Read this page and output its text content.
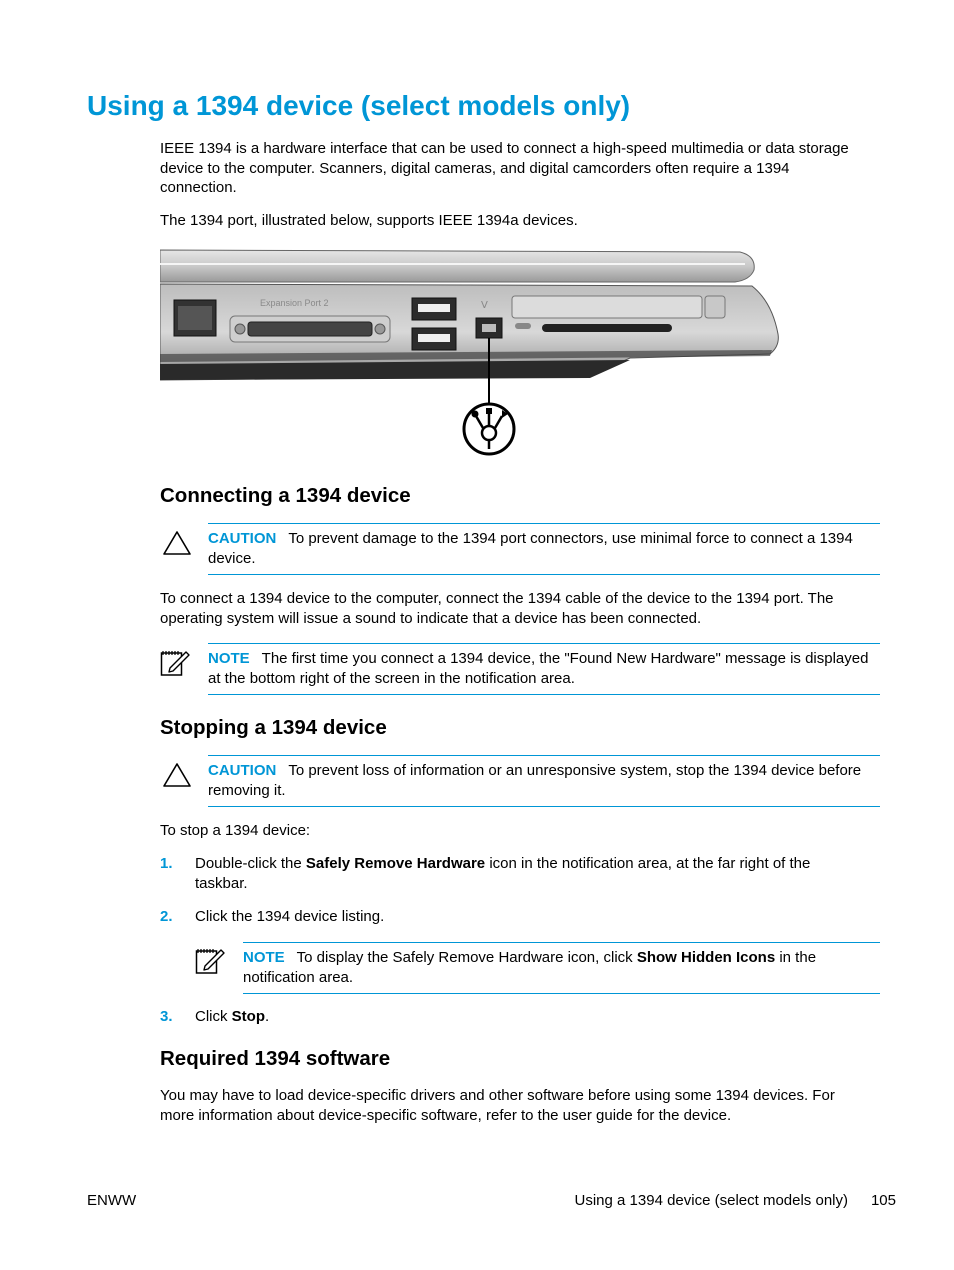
Using a 1394 device (select models only)
IEEE 1394 is a hardware interface that can be used to connect a high-speed multimedia or data storage device to the computer. Scanners, digital cameras, and digital camcorders often require a 1394 connection.
The 1394 port, illustrated below, supports IEEE 1394a devices.
Expansion Port 2	V
Connecting a 1394 device
CAUTION To prevent damage to the 1394 port connectors, use minimal force to connect a 1394 device.
To connect a 1394 device to the computer, connect the 1394 cable of the device to the 1394 port. The operating system will issue a sound to indicate that a device has been connected.
NOTE The first time you connect a 1394 device, the "Found New Hardware" message is displayed at the bottom right of the screen in the notification area.
Stopping a 1394 device
CAUTION To prevent loss of information or an unresponsive system, stop the 1394 device before removing it.
To stop a 1394 device:
1. Double-click the Safely Remove Hardware icon in the notification area, at the far right of the taskbar.
2. Click the 1394 device listing.
NOTE To display the Safely Remove Hardware icon, click Show Hidden Icons in the notification area.
3. Click Stop.
Required 1394 software
You may have to load device-specific drivers and other software before using some 1394 devices. For more information about device-specific software, refer to the user guide for the device.
ENWW	Using a 1394 device (select models only) 105
